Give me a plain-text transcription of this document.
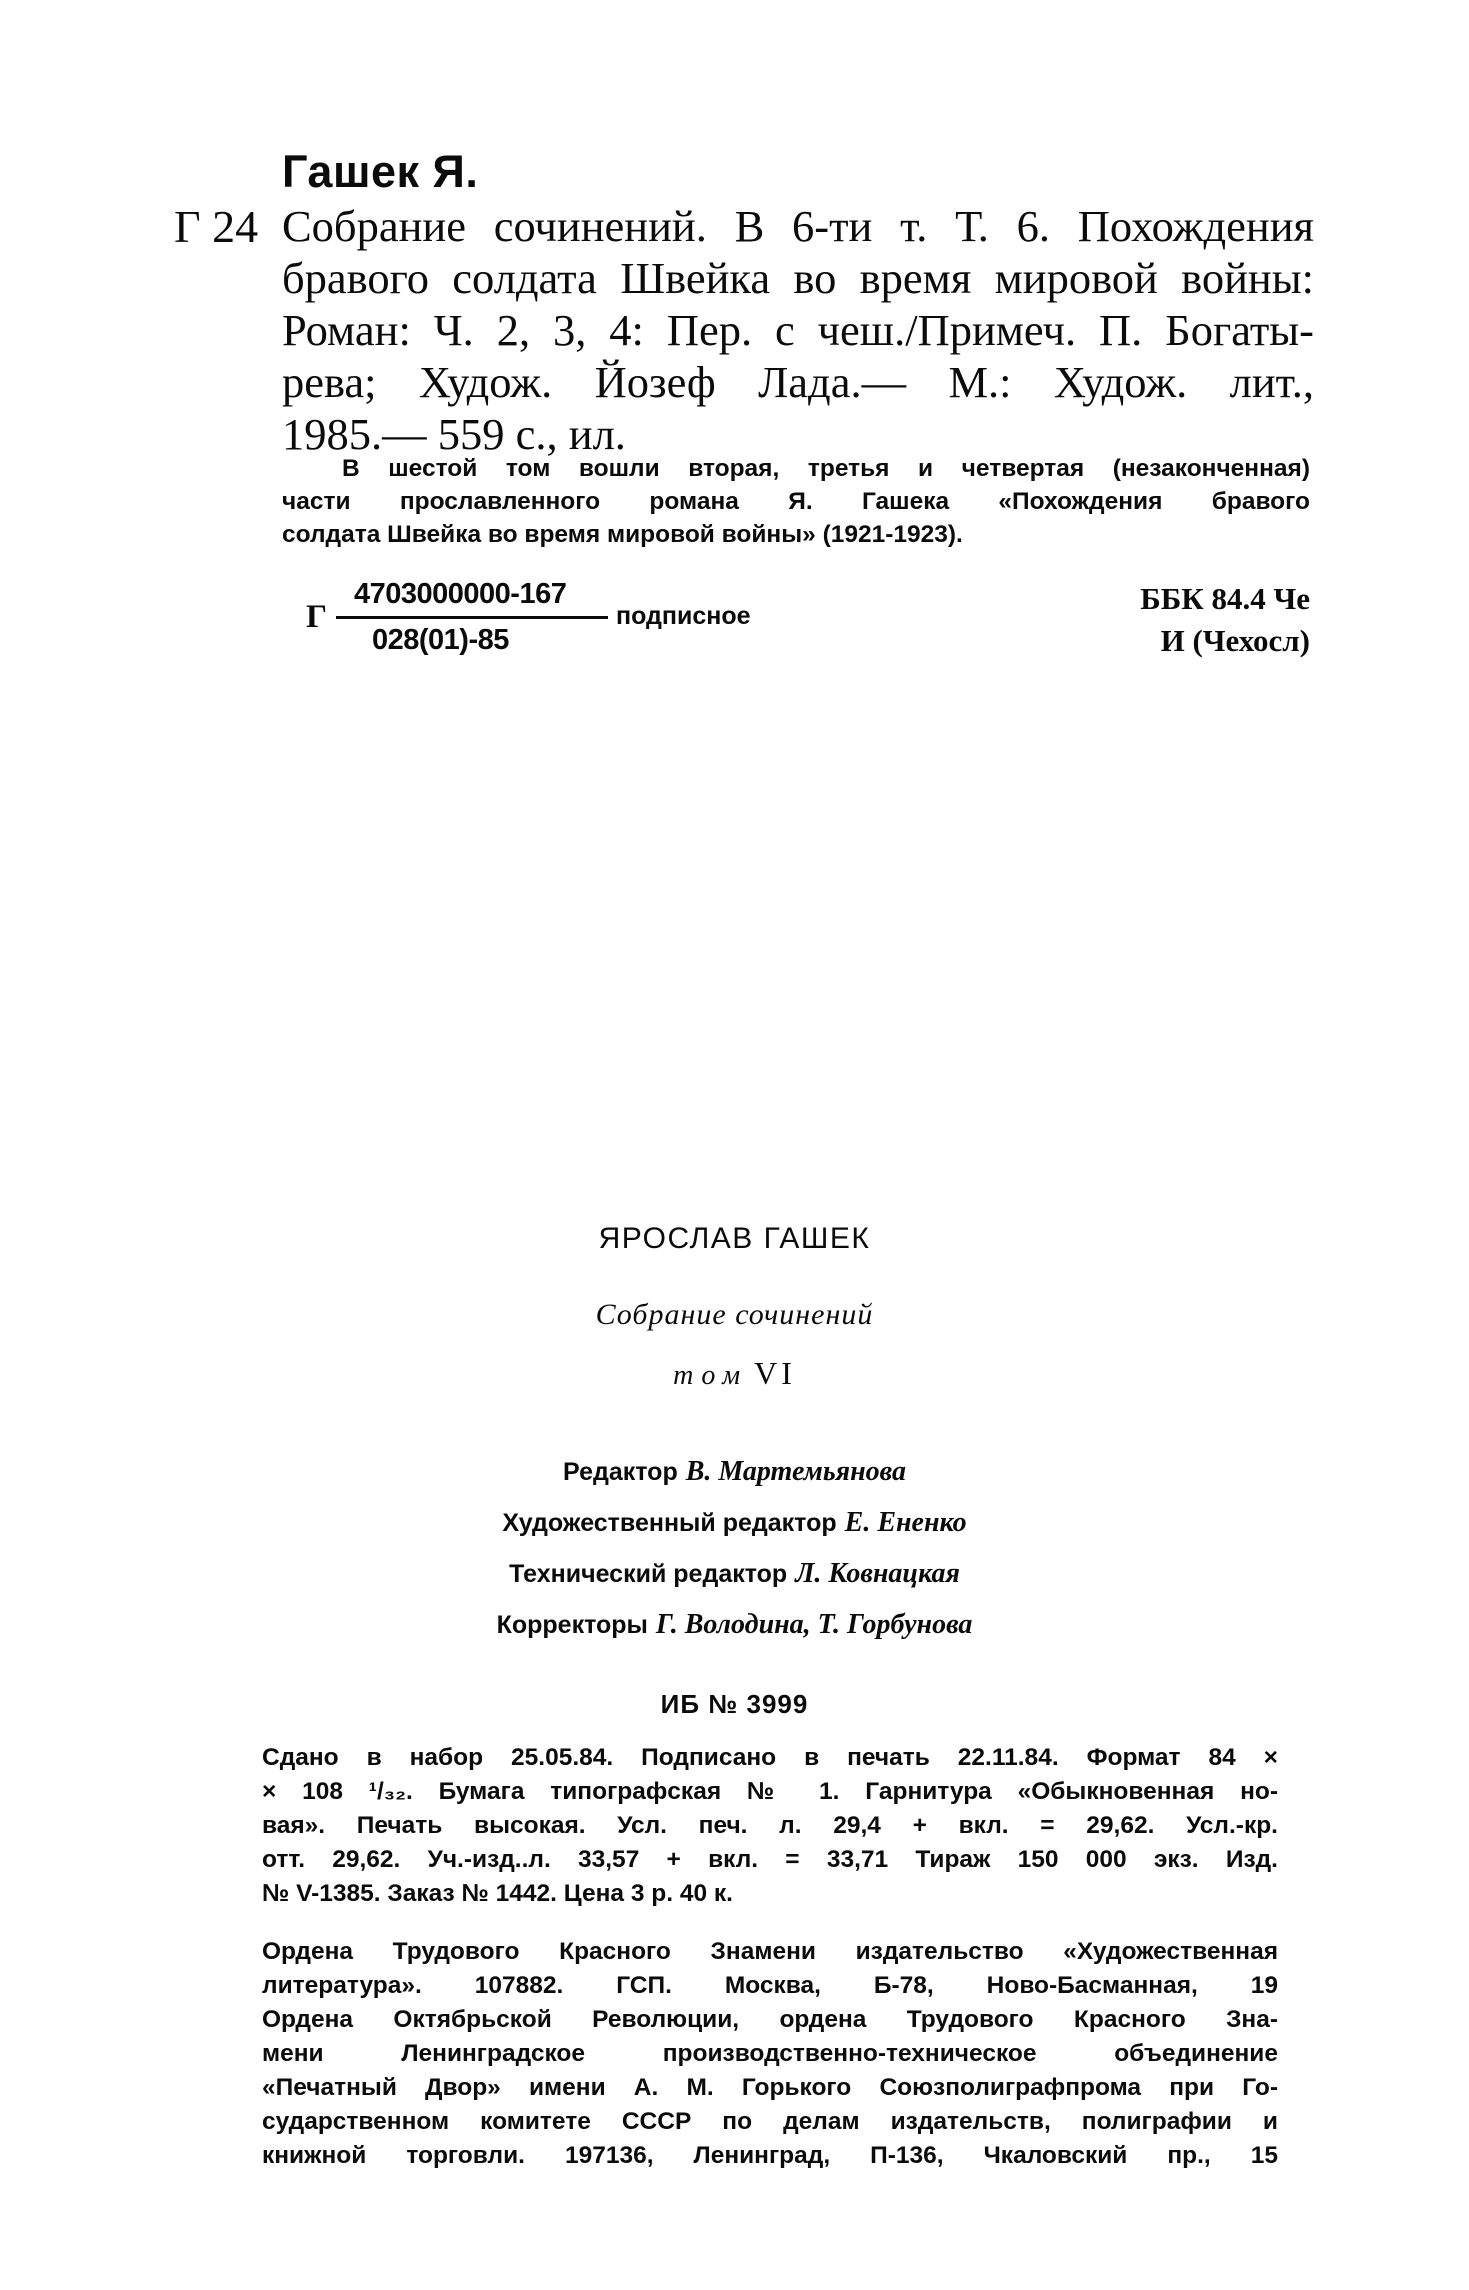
Гашек Я.
Г 24 Собрание сочинений. В 6-ти т. Т. 6. Похождения
бравого солдата Швейка во время мировой войны:
Роман: Ч. 2, 3, 4: Пер. с чеш./Примеч. П. Богаты-
рева; Худож. Йозеф Лада.— М.: Худож. лит.,
1985.— 559 с., ил.
В шестой том вошли вторая, третья и четвертая (незаконченная)
части прославленного романа Я. Гашека «Похождения бравого
солдата Швейка во время мировой войны» (1921-1923).
Г
4703000000-167
028(01)-85
подписное	ББК 84.4 Че
И (Чехосл)
ЯРОСЛАВ ГАШЕК
Собрание сочинений
том VI
Редактор В. Мартемьянова
Художественный редактор Е. Ененко
Технический редактор Л. Ковнацкая
Корректоры Г. Володина, Т. Горбунова
ИБ № 3999
Сдано в набор 25.05.84. Подписано в печать 22.11.84. Формат 84 ×
× 108 ¹/₃₂. Бумага типографская № 1. Гарнитура «Обыкновенная но-
вая». Печать высокая. Усл. печ. л. 29,4 + вкл. = 29,62. Усл.-кр.
отт. 29,62. Уч.-изд..л. 33,57 + вкл. = 33,71 Тираж 150 000 экз. Изд.
№ V-1385. Заказ № 1442. Цена 3 р. 40 к.
Ордена Трудового Красного Знамени издательство «Художественная
литература». 107882. ГСП. Москва, Б-78, Ново-Басманная, 19
Ордена Октябрьской Революции, ордена Трудового Красного Зна-
мени Ленинградское производственно-техническое объединение
«Печатный Двор» имени А. М. Горького Союзполиграфпрома при Го-
сударственном комитете СССР по делам издательств, полиграфии и
книжной торговли. 197136, Ленинград, П-136, Чкаловский пр., 15
